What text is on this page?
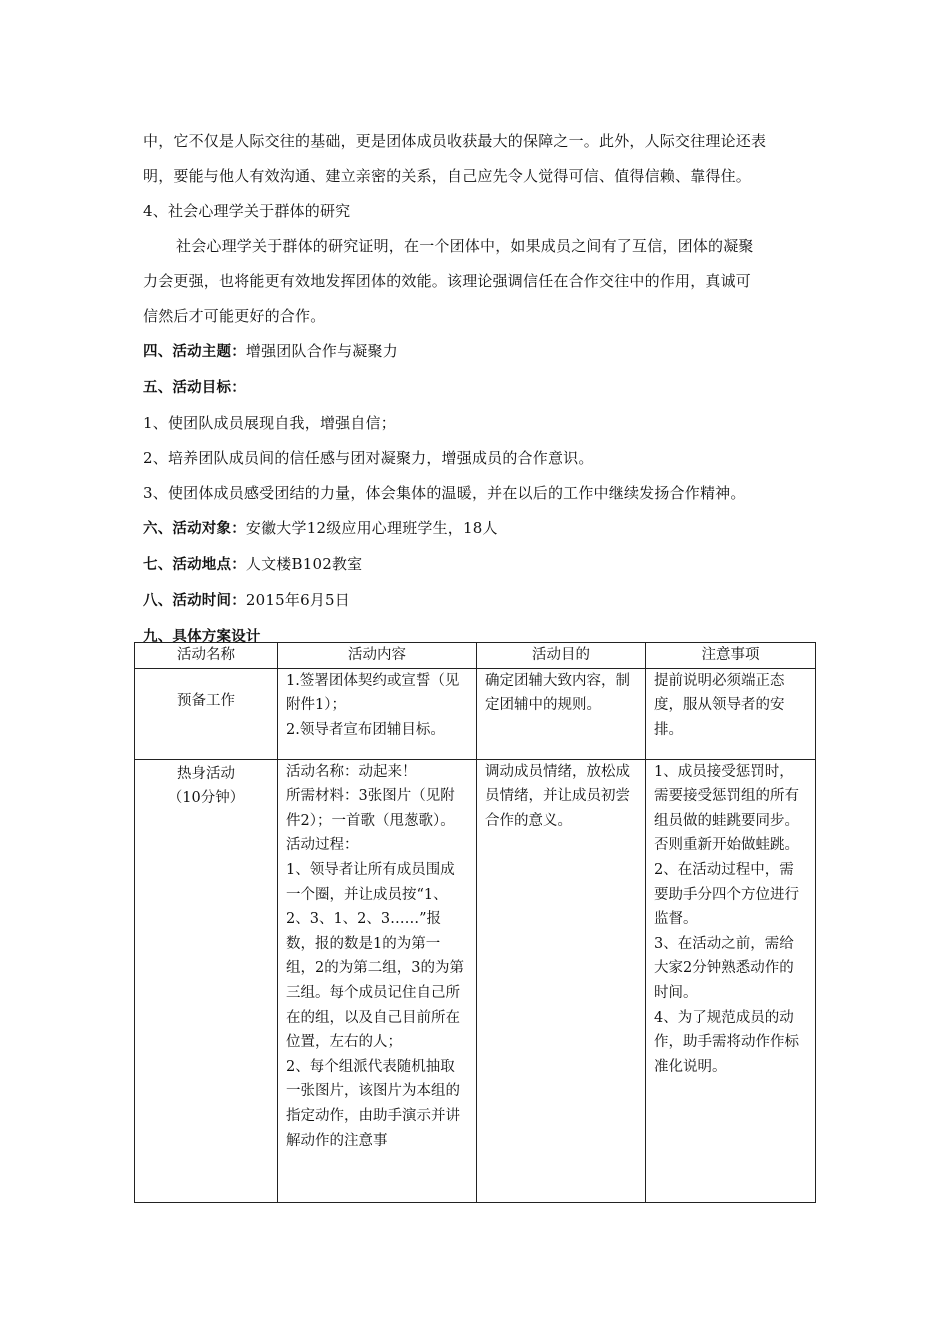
中，它不仅是人际交往的基础，更是团体成员收获最大的保障之一。此外，人际交往理论还表

明，要能与他人有效沟通、建立亲密的关系，自己应先令人觉得可信、值得信赖、靠得住。

4、社会心理学关于群体的研究

社会心理学关于群体的研究证明，在一个团体中，如果成员之间有了互信，团体的凝聚

力会更强，也将能更有效地发挥团体的效能。该理论强调信任在合作交往中的作用，真诚可

信然后才可能更好的合作。

四、活动主题：增强团队合作与凝聚力

五、活动目标：

1、使团队成员展现自我，增强自信；

2、培养团队成员间的信任感与团对凝聚力，增强成员的合作意识。

3、使团体成员感受团结的力量，体会集体的温暖，并在以后的工作中继续发扬合作精神。

六、活动对象：安徽大学12级应用心理班学生，18人

七、活动地点：人文楼B102教室

八、活动时间：2015年6月5日

九、具体方案设计

活动名称	活动内容	活动目的	注意事项

预备工作	1.签署团体契约或宣誓（见附件1）；
2.领导者宣布团辅目标。	确定团辅大致内容，制定团辅中的规则。	提前说明必须端正态度，服从领导者的安排。

热身活动
（10分钟）	活动名称：动起来！
所需材料：3张图片（见附件2）；一首歌（甩葱歌）。
活动过程：
1、领导者让所有成员围成一个圈，并让成员按“1、2、3、1、2、3……”报数，报的数是1的为第一组，2的为第二组，3的为第三组。每个成员记住自己所在的组，以及自己目前所在位置，左右的人；
2、每个组派代表随机抽取一张图片，该图片为本组的指定动作，由助手演示并讲解动作的注意事	调动成员情绪，放松成员情绪，并让成员初尝合作的意义。	1、成员接受惩罚时，需要接受惩罚组的所有组员做的蛙跳要同步。否则重新开始做蛙跳。
2、在活动过程中，需要助手分四个方位进行监督。
3、在活动之前，需给大家2分钟熟悉动作的时间。
4、为了规范成员的动作，助手需将动作作标准化说明。
